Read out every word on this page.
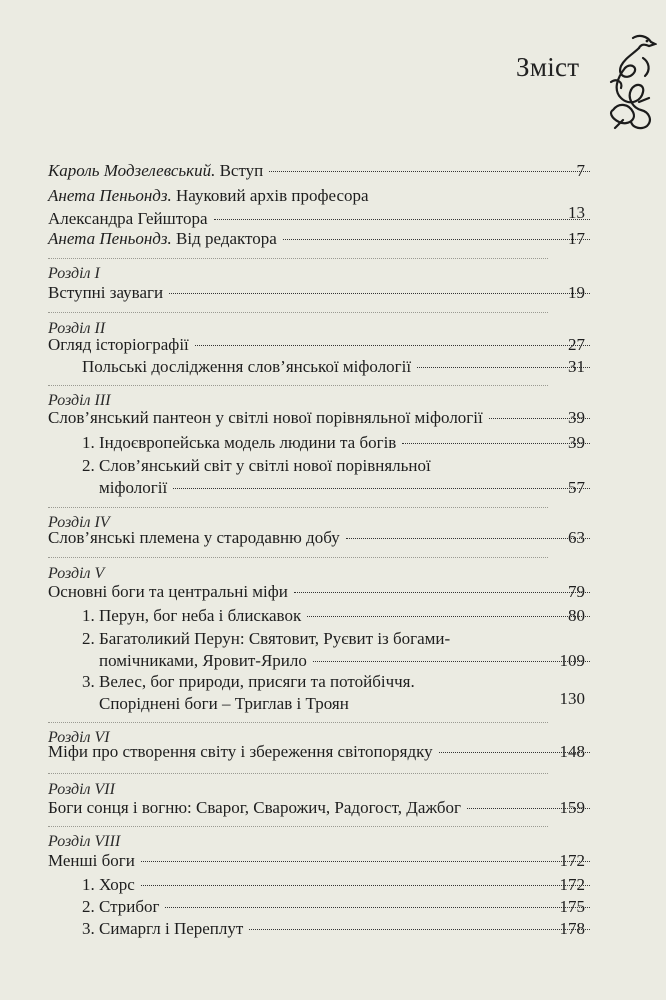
Зміст
Кароль Модзелевський. Вступ	7
Анета Пеньондз. Науковий архів професора
Александра Гейштора	13
Анета Пеньондз. Від редактора	17
Розділ I
Вступні зауваги	19
Розділ II
Огляд історіографії	27
Польські дослідження слов’янської міфології	31
Розділ III
Слов’янський пантеон у світлі нової порівняльної міфології	39
1. Індоєвропейська модель людини та богів	39
2. Слов’янський світ у світлі нової порівняльної
міфології	57
Розділ IV
Слов’янські племена у стародавню добу	63
Розділ V
Основні боги та центральні міфи	79
1. Перун, бог неба і блискавок	80
2. Багатоликий Перун: Святовит, Руєвит із богами-
помічниками, Яровит-Ярило	109
3. Велес, бог природи, присяги та потойбіччя.
Споріднені боги – Триглав і Троян	130
Розділ VI
Міфи про створення світу і збереження світопорядку	148
Розділ VII
Боги сонця і вогню: Сварог, Сварожич, Радогост, Дажбог	159
Розділ VIII
Менші боги	172
1. Хорс	172
2. Стрибог	175
3. Симаргл і Переплут	178
